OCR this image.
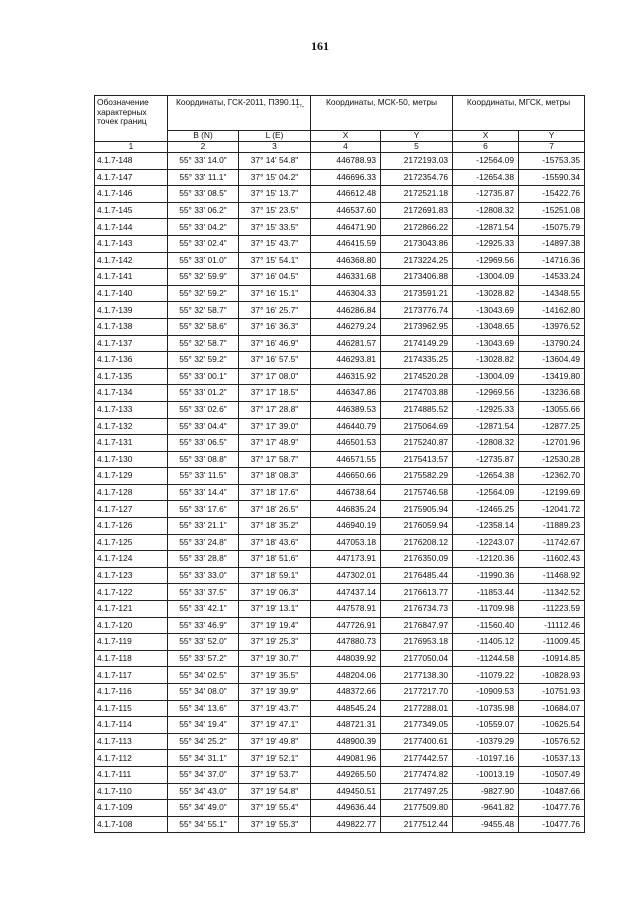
161
Обозначение характерных точек границ	Координаты, ГСК-2011, ПЗ90.11,
° ' "		Координаты, МСК-50, метры		Координаты, МГСК, метры	
	B (N)	L (E)	X	Y	X	Y
1	2	3	4	5	6	7
4.1.7-148	55° 33' 14.0"	37° 14' 54.8"	446788.93	2172193.03	-12564.09	-15753.35
4.1.7-147	55° 33' 11.1"	37° 15' 04.2"	446696.33	2172354.76	-12654.38	-15590.34
4.1.7-146	55° 33' 08.5"	37° 15' 13.7"	446612.48	2172521.18	-12735.87	-15422.76
4.1.7-145	55° 33' 06.2"	37° 15' 23.5"	446537.60	2172691.83	-12808.32	-15251.08
4.1.7-144	55° 33' 04.2"	37° 15' 33.5"	446471.90	2172866.22	-12871.54	-15075.79
4.1.7-143	55° 33' 02.4"	37° 15' 43.7"	446415.59	2173043.86	-12925.33	-14897.38
4.1.7-142	55° 33' 01.0"	37° 15' 54.1"	446368.80	2173224.25	-12969.56	-14716.36
4.1.7-141	55° 32' 59.9"	37° 16' 04.5"	446331.68	2173406.88	-13004.09	-14533.24
4.1.7-140	55° 32' 59.2"	37° 16' 15.1"	446304.33	2173591.21	-13028.82	-14348.55
4.1.7-139	55° 32' 58.7"	37° 16' 25.7"	446286.84	2173776.74	-13043.69	-14162.80
4.1.7-138	55° 32' 58.6"	37° 16' 36.3"	446279.24	2173962.95	-13048.65	-13976.52
4.1.7-137	55° 32' 58.7"	37° 16' 46.9"	446281.57	2174149.29	-13043.69	-13790.24
4.1.7-136	55° 32' 59.2"	37° 16' 57.5"	446293.81	2174335.25	-13028.82	-13604.49
4.1.7-135	55° 33' 00.1"	37° 17' 08.0"	446315.92	2174520.28	-13004.09	-13419.80
4.1.7-134	55° 33' 01.2"	37° 17' 18.5"	446347.86	2174703.88	-12969.56	-13236.68
4.1.7-133	55° 33' 02.6"	37° 17' 28.8"	446389.53	2174885.52	-12925.33	-13055.66
4.1.7-132	55° 33' 04.4"	37° 17' 39.0"	446440.79	2175064.69	-12871.54	-12877.25
4.1.7-131	55° 33' 06.5"	37° 17' 48.9"	446501.53	2175240.87	-12808.32	-12701.96
4.1.7-130	55° 33' 08.8"	37° 17' 58.7"	446571.55	2175413.57	-12735.87	-12530.28
4.1.7-129	55° 33' 11.5"	37° 18' 08.3"	446650.66	2175582.29	-12654.38	-12362.70
4.1.7-128	55° 33' 14.4"	37° 18' 17.6"	446738.64	2175746.58	-12564.09	-12199.69
4.1.7-127	55° 33' 17.6"	37° 18' 26.5"	446835.24	2175905.94	-12465.25	-12041.72
4.1.7-126	55° 33' 21.1"	37° 18' 35.2"	446940.19	2176059.94	-12358.14	-11889.23
4.1.7-125	55° 33' 24.8"	37° 18' 43.6"	447053.18	2176208.12	-12243.07	-11742.67
4.1.7-124	55° 33' 28.8"	37° 18' 51.6"	447173.91	2176350.09	-12120.36	-11602.43
4.1.7-123	55° 33' 33.0"	37° 18' 59.1"	447302.01	2176485.44	-11990.36	-11468.92
4.1.7-122	55° 33' 37.5"	37° 19' 06.3"	447437.14	2176613.77	-11853.44	-11342.52
4.1.7-121	55° 33' 42.1"	37° 19' 13.1"	447578.91	2176734.73	-11709.98	-11223.59
4.1.7-120	55° 33' 46.9"	37° 19' 19.4"	447726.91	2176847.97	-11560.40	-11112.46
4.1.7-119	55° 33' 52.0"	37° 19' 25.3"	447880.73	2176953.18	-11405.12	-11009.45
4.1.7-118	55° 33' 57.2"	37° 19' 30.7"	448039.92	2177050.04	-11244.58	-10914.85
4.1.7-117	55° 34' 02.5"	37° 19' 35.5"	448204.06	2177138.30	-11079.22	-10828.93
4.1.7-116	55° 34' 08.0"	37° 19' 39.9"	448372.66	2177217.70	-10909.53	-10751.93
4.1.7-115	55° 34' 13.6"	37° 19' 43.7"	448545.24	2177288.01	-10735.98	-10684.07
4.1.7-114	55° 34' 19.4"	37° 19' 47.1"	448721.31	2177349.05	-10559.07	-10625.54
4.1.7-113	55° 34' 25.2"	37° 19' 49.8"	448900.39	2177400.61	-10379.29	-10576.52
4.1.7-112	55° 34' 31.1"	37° 19' 52.1"	449081.96	2177442.57	-10197.16	-10537.13
4.1.7-111	55° 34' 37.0"	37° 19' 53.7"	449265.50	2177474.82	-10013.19	-10507.49
4.1.7-110	55° 34' 43.0"	37° 19' 54.8"	449450.51	2177497.25	-9827.90	-10487.66
4.1.7-109	55° 34' 49.0"	37° 19' 55.4"	449636.44	2177509.80	-9641.82	-10477.76
4.1.7-108	55° 34' 55.1"	37° 19' 55.3"	449822.77	2177512.44	-9455.48	-10477.76
